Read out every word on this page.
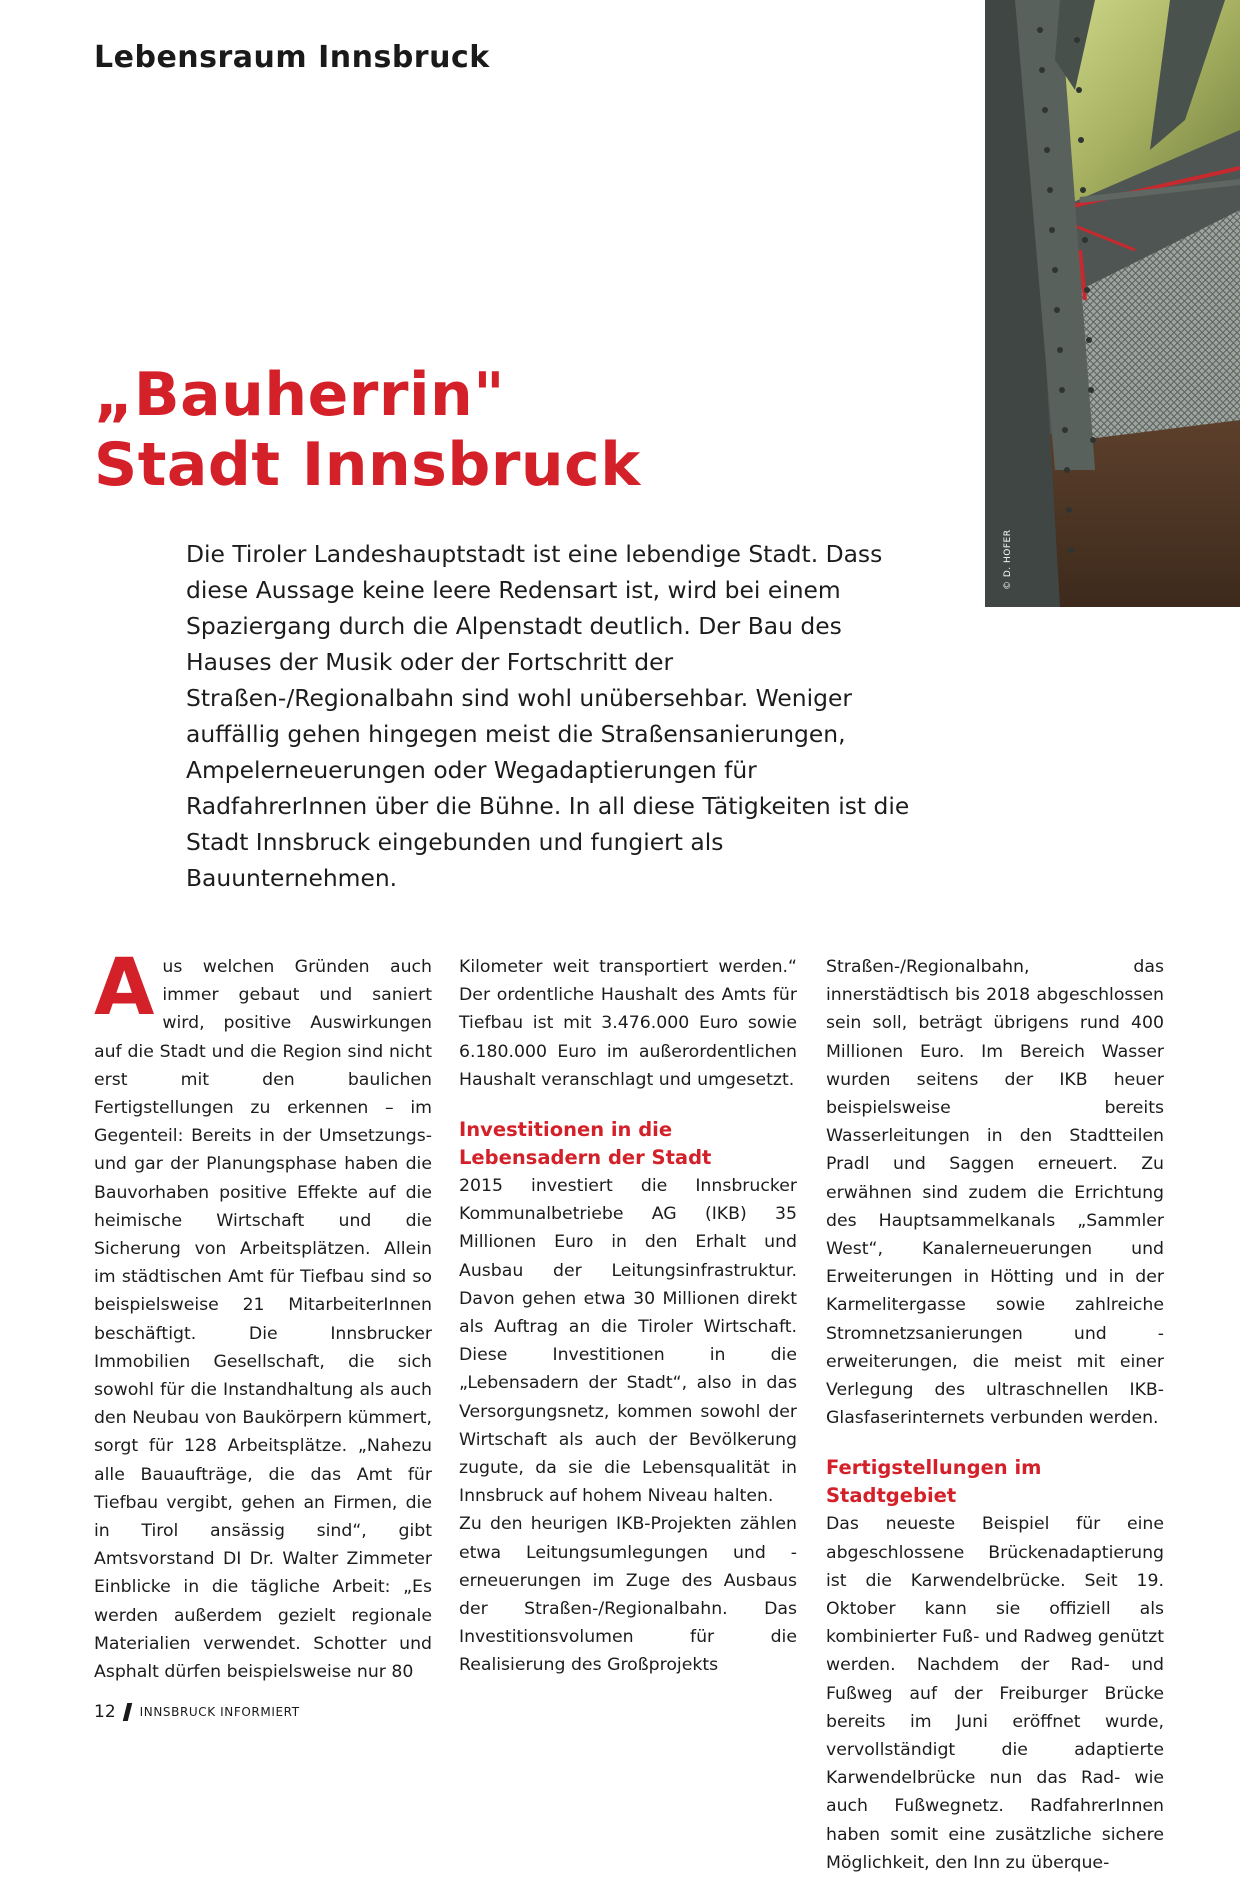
Lebensraum Innsbruck
© D. HOFER
„Bauherrin"
Stadt Innsbruck

Die Tiroler Landeshauptstadt ist eine lebendige Stadt. Dass diese Aussage keine leere Redensart ist, wird bei einem Spaziergang durch die Alpenstadt deutlich. Der Bau des Hauses der Musik oder der Fortschritt der Straßen-/Regionalbahn sind wohl unübersehbar. Weniger auffällig gehen hingegen meist die Straßensanierungen, Ampelerneuerungen oder Wegadaptierungen für RadfahrerInnen über die Bühne. In all diese Tätigkeiten ist die Stadt Innsbruck eingebunden und fungiert als Bauunternehmen.

A us welchen Gründen auch immer gebaut und saniert wird, positive Auswirkungen auf die Stadt und die Region sind nicht erst mit den baulichen Fertigstellungen zu erkennen – im Gegenteil: Bereits in der Umsetzungs- und gar der Planungsphase haben die Bauvorhaben positive Effekte auf die heimische Wirtschaft und die Sicherung von Arbeitsplätzen. Allein im städtischen Amt für Tiefbau sind so beispielsweise 21 MitarbeiterInnen beschäftigt. Die Innsbrucker Immobilien Gesellschaft, die sich sowohl für die Instandhaltung als auch den Neubau von Baukörpern kümmert, sorgt für 128 Arbeitsplätze. „Nahezu alle Bauaufträge, die das Amt für Tiefbau vergibt, gehen an Firmen, die in Tirol ansässig sind“, gibt Amtsvorstand DI Dr. Walter Zimmeter Einblicke in die tägliche Arbeit: „Es werden außerdem gezielt regionale Materialien verwendet. Schotter und Asphalt dürfen beispielsweise nur 80

Kilometer weit transportiert werden.“ Der ordentliche Haushalt des Amts für Tiefbau ist mit 3.476.000 Euro sowie 6.180.000 Euro im außerordentlichen Haushalt veranschlagt und umgesetzt.

Investitionen in die Lebensadern der Stadt

2015 investiert die Innsbrucker Kommunalbetriebe AG (IKB) 35 Millionen Euro in den Erhalt und Ausbau der Leitungsinfrastruktur. Davon gehen etwa 30 Millionen direkt als Auftrag an die Tiroler Wirtschaft. Diese Investitionen in die „Lebensadern der Stadt“, also in das Versorgungsnetz, kommen sowohl der Wirtschaft als auch der Bevölkerung zugute, da sie die Lebensqualität in Innsbruck auf hohem Niveau halten.

Zu den heurigen IKB-Projekten zählen etwa Leitungsumlegungen und -erneuerungen im Zuge des Ausbaus der Straßen-/Regionalbahn. Das Investitionsvolumen für die Realisierung des Großprojekts

Straßen-/Regionalbahn, das innerstädtisch bis 2018 abgeschlossen sein soll, beträgt übrigens rund 400 Millionen Euro. Im Bereich Wasser wurden seitens der IKB heuer beispielsweise bereits Wasserleitungen in den Stadtteilen Pradl und Saggen erneuert. Zu erwähnen sind zudem die Errichtung des Hauptsammelkanals „Sammler West“, Kanalerneuerungen und Erweiterungen in Hötting und in der Karmelitergasse sowie zahlreiche Stromnetzsanierungen und -erweiterungen, die meist mit einer Verlegung des ultraschnellen IKB-Glasfaserinternets verbunden werden.

Fertigstellungen im Stadtgebiet

Das neueste Beispiel für eine abgeschlossene Brückenadaptierung ist die Karwendelbrücke. Seit 19. Oktober kann sie offiziell als kombinierter Fuß- und Radweg genützt werden. Nachdem der Rad- und Fußweg auf der Freiburger Brücke bereits im Juni eröffnet wurde, vervollständigt die adaptierte Karwendelbrücke nun das Rad- wie auch Fußwegnetz. RadfahrerInnen haben somit eine zusätzliche sichere Möglichkeit, den Inn zu überque-

12 INNSBRUCK INFORMIERT
